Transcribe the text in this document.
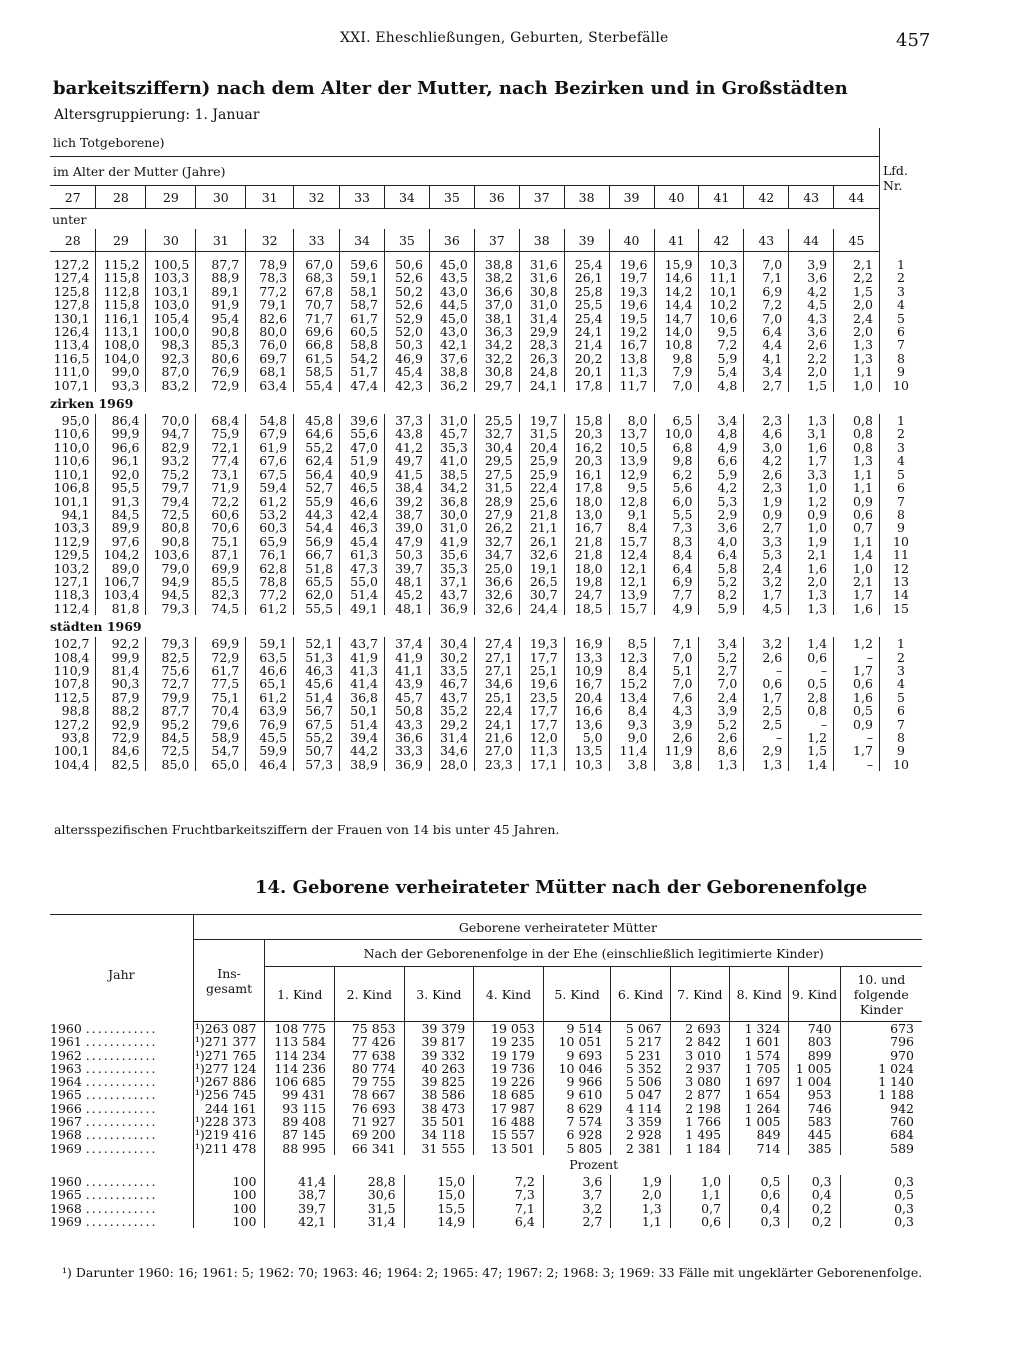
XXI. Eheschließungen, Geburten, Sterbefälle	457
barkeitsziffern) nach dem Alter der Mutter, nach Bezirken und in Großstädten
Altersgruppierung: 1. Januar
lich Totgeborene)																		
im Alter der Mutter (Jahre)																		Lfd. Nr.
27	28	29	30	31	32	33	34	35	36	37	38	39	40	41	42	43	44	
unter																		
28	29	30	31	32	33	34	35	36	37	38	39	40	41	42	43	44	45	

127,2	115,2	100,5	87,7	78,9	67,0	59,6	50,6	45,0	38,8	31,6	25,4	19,6	15,9	10,3	7,0	3,9	2,1	1
127,4	115,8	103,3	88,9	78,3	68,3	59,1	52,6	43,5	38,2	31,6	26,1	19,7	14,6	11,1	7,1	3,6	2,2	2
125,8	112,8	103,1	89,1	77,2	67,8	58,1	50,2	43,0	36,6	30,8	25,8	19,3	14,2	10,1	6,9	4,2	1,5	3
127,8	115,8	103,0	91,9	79,1	70,7	58,7	52,6	44,5	37,0	31,0	25,5	19,6	14,4	10,2	7,2	4,5	2,0	4
130,1	116,1	105,4	95,4	82,6	71,7	61,7	52,9	45,0	38,1	31,4	25,4	19,5	14,7	10,6	7,0	4,3	2,4	5
126,4	113,1	100,0	90,8	80,0	69,6	60,5	52,0	43,0	36,3	29,9	24,1	19,2	14,0	9,5	6,4	3,6	2,0	6
113,4	108,0	98,3	85,3	76,0	66,8	58,8	50,3	42,1	34,2	28,3	21,4	16,7	10,8	7,2	4,4	2,6	1,3	7
116,5	104,0	92,3	80,6	69,7	61,5	54,2	46,9	37,6	32,2	26,3	20,2	13,8	9,8	5,9	4,1	2,2	1,3	8
111,0	99,0	87,0	76,9	68,1	58,5	51,7	45,4	38,8	30,8	24,8	20,1	11,3	7,9	5,4	3,4	2,0	1,1	9
107,1	93,3	83,2	72,9	63,4	55,4	47,4	42,3	36,2	29,7	24,1	17,8	11,7	7,0	4,8	2,7	1,5	1,0	10
zirken 1969																		
95,0	86,4	70,0	68,4	54,8	45,8	39,6	37,3	31,0	25,5	19,7	15,8	8,0	6,5	3,4	2,3	1,3	0,8	1
110,6	99,9	94,7	75,9	67,9	64,6	55,6	43,8	45,7	32,7	31,5	20,3	13,7	10,0	4,8	4,6	3,1	0,8	2
110,0	96,6	82,9	72,1	61,9	55,2	47,0	41,2	35,3	30,4	20,4	16,2	10,5	6,8	4,9	3,0	1,6	0,8	3
110,6	96,1	93,2	77,4	67,6	62,4	51,9	49,7	41,0	29,5	25,9	20,3	13,9	9,8	6,6	4,2	1,7	1,3	4
110,1	92,0	75,2	73,1	67,5	56,4	40,9	41,5	38,5	27,5	25,9	16,1	12,9	6,2	5,9	2,6	3,3	1,1	5
106,8	95,5	79,7	71,9	59,4	52,7	46,5	38,4	34,2	31,5	22,4	17,8	9,5	5,6	4,2	2,3	1,0	1,1	6
101,1	91,3	79,4	72,2	61,2	55,9	46,6	39,2	36,8	28,9	25,6	18,0	12,8	6,0	5,3	1,9	1,2	0,9	7
94,1	84,5	72,5	60,6	53,2	44,3	42,4	38,7	30,0	27,9	21,8	13,0	9,1	5,5	2,9	0,9	0,9	0,6	8
103,3	89,9	80,8	70,6	60,3	54,4	46,3	39,0	31,0	26,2	21,1	16,7	8,4	7,3	3,6	2,7	1,0	0,7	9
112,9	97,6	90,8	75,1	65,9	56,9	45,4	47,9	41,9	32,7	26,1	21,8	15,7	8,3	4,0	3,3	1,9	1,1	10
129,5	104,2	103,6	87,1	76,1	66,7	61,3	50,3	35,6	34,7	32,6	21,8	12,4	8,4	6,4	5,3	2,1	1,4	11
103,2	89,0	79,0	69,9	62,8	51,8	47,3	39,7	35,3	25,0	19,1	18,0	12,1	6,4	5,8	2,4	1,6	1,0	12
127,1	106,7	94,9	85,5	78,8	65,5	55,0	48,1	37,1	36,6	26,5	19,8	12,1	6,9	5,2	3,2	2,0	2,1	13
118,3	103,4	94,5	82,3	77,2	62,0	51,4	45,2	43,7	32,6	30,7	24,7	13,9	7,7	8,2	1,7	1,3	1,7	14
112,4	81,8	79,3	74,5	61,2	55,5	49,1	48,1	36,9	32,6	24,4	18,5	15,7	4,9	5,9	4,5	1,3	1,6	15
städten 1969																		
102,7	92,2	79,3	69,9	59,1	52,1	43,7	37,4	30,4	27,4	19,3	16,9	8,5	7,1	3,4	3,2	1,4	1,2	1
108,4	99,9	82,5	72,9	63,5	51,3	41,9	41,9	30,2	27,1	17,7	13,3	12,3	7,0	5,2	2,6	0,6	–	2
110,9	81,4	75,6	61,7	46,6	46,3	41,3	41,1	33,5	27,1	25,1	10,9	8,4	5,1	2,7	–	–	1,7	3
107,8	90,3	72,7	77,5	65,1	45,6	41,4	43,9	46,7	34,6	19,6	16,7	15,2	7,0	7,0	0,6	0,5	0,6	4
112,5	87,9	79,9	75,1	61,2	51,4	36,8	45,7	43,7	25,1	23,5	20,4	13,4	7,6	2,4	1,7	2,8	1,6	5
98,8	88,2	87,7	70,4	63,9	56,7	50,1	50,8	35,2	22,4	17,7	16,6	8,4	4,3	3,9	2,5	0,8	0,5	6
127,2	92,9	95,2	79,6	76,9	67,5	51,4	43,3	29,2	24,1	17,7	13,6	9,3	3,9	5,2	2,5	–	0,9	7
93,8	72,9	84,5	58,9	45,5	55,2	39,4	36,6	31,4	21,6	12,0	5,0	9,0	2,6	2,6	–	1,2	–	8
100,1	84,6	72,5	54,7	59,9	50,7	44,2	33,3	34,6	27,0	11,3	13,5	11,4	11,9	8,6	2,9	1,5	1,7	9
104,4	82,5	85,0	65,0	46,4	57,3	38,9	36,9	28,0	23,3	17,1	10,3	3,8	3,8	1,3	1,3	1,4	–	10
altersspezifischen Fruchtbarkeitsziffern der Frauen von 14 bis unter 45 Jahren.
14. Geborene verheirateter Mütter nach der Geborenenfolge
Jahr	Geborene verheirateter Mütter										
	Ins- gesamt	Nach der Geborenenfolge in der Ehe (einschließlich legitimierte Kinder)									
		1. Kind	2. Kind	3. Kind	4. Kind	5. Kind	6. Kind	7. Kind	8. Kind	9. Kind	10. und folgende Kinder
1960 ............	¹)263 087	108 775	75 853	39 379	19 053	9 514	5 067	2 693	1 324	740	673
1961 ............	¹)271 377	113 584	77 426	39 817	19 235	10 051	5 217	2 842	1 601	803	796
1962 ............	¹)271 765	114 234	77 638	39 332	19 179	9 693	5 231	3 010	1 574	899	970
1963 ............	¹)277 124	114 236	80 774	40 263	19 736	10 046	5 352	2 937	1 705	1 005	1 024
1964 ............	¹)267 886	106 685	79 755	39 825	19 226	9 966	5 506	3 080	1 697	1 004	1 140
1965 ............	¹)256 745	99 431	78 667	38 586	18 685	9 610	5 047	2 877	1 654	953	1 188
1966 ............	244 161	93 115	76 693	38 473	17 987	8 629	4 114	2 198	1 264	746	942
1967 ............	¹)228 373	89 408	71 927	35 501	16 488	7 574	3 359	1 766	1 005	583	760
1968 ............	¹)219 416	87 145	69 200	34 118	15 557	6 928	2 928	1 495	849	445	684
1969 ............	¹)211 478	88 995	66 341	31 555	13 501	5 805	2 381	1 184	714	385	589
		Prozent									
1960 ............	100	41,4	28,8	15,0	7,2	3,6	1,9	1,0	0,5	0,3	0,3
1965 ............	100	38,7	30,6	15,0	7,3	3,7	2,0	1,1	0,6	0,4	0,5
1968 ............	100	39,7	31,5	15,5	7,1	3,2	1,3	0,7	0,4	0,2	0,3
1969 ............	100	42,1	31,4	14,9	6,4	2,7	1,1	0,6	0,3	0,2	0,3
¹) Darunter 1960: 16; 1961: 5; 1962: 70; 1963: 46; 1964: 2; 1965: 47; 1967: 2; 1968: 3; 1969: 33 Fälle mit ungeklärter Geborenenfolge.
